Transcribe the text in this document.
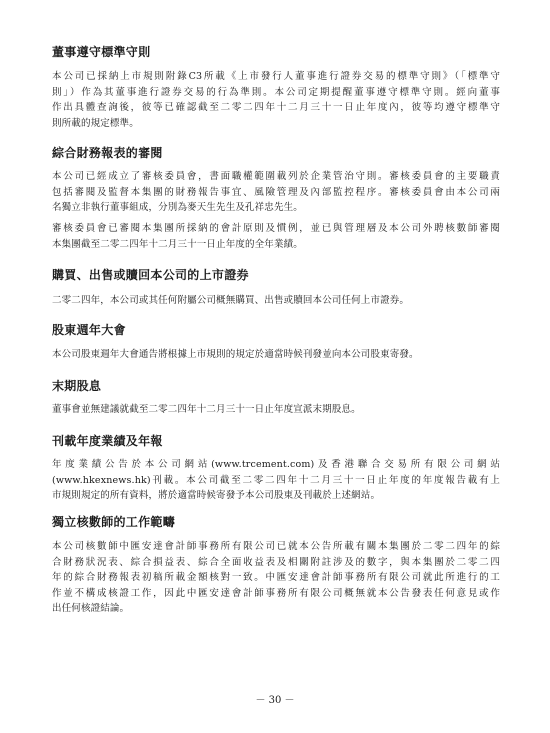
董事遵守標準守則
本公司已採納上市規則附錄C3所載《上市發行人董事進行證券交易的標準守則》（「標準守
則」）作為其董事進行證券交易的行為準則。本公司定期提醒董事遵守標準守則。經向董事
作出具體查詢後，彼等已確認截至二零二四年十二月三十一日止年度內，彼等均遵守標準守
則所載的規定標準。
綜合財務報表的審閱
本公司已經成立了審核委員會，書面職權範圍載列於企業管治守則。審核委員會的主要職責
包括審閱及監督本集團的財務報告事宜、風險管理及內部監控程序。審核委員會由本公司兩
名獨立非執行董事組成，分別為麥天生先生及孔祥忠先生。
審核委員會已審閱本集團所採納的會計原則及慣例，並已與管理層及本公司外聘核數師審閱
本集團截至二零二四年十二月三十一日止年度的全年業績。
購買、出售或贖回本公司的上市證券
二零二四年，本公司或其任何附屬公司概無購買、出售或贖回本公司任何上市證券。
股東週年大會
本公司股東週年大會通告將根據上市規則的規定於適當時候刊發並向本公司股東寄發。
末期股息
董事會並無建議就截至二零二四年十二月三十一日止年度宣派末期股息。
刊載年度業績及年報
年度業績公告於本公司網站(www.trcement.com)及香港聯合交易所有限公司網站
(www.hkexnews.hk)刊載。本公司截至二零二四年十二月三十一日止年度的年度報告載有上
市規則規定的所有資料，將於適當時候寄發予本公司股東及刊載於上述網站。
獨立核數師的工作範疇
本公司核數師中匯安達會計師事務所有限公司已就本公告所載有關本集團於二零二四年的綜
合財務狀況表、綜合損益表、綜合全面收益表及相關附註涉及的數字，與本集團於二零二四
年的綜合財務報表初稿所載金額核對一致。中匯安達會計師事務所有限公司就此所進行的工
作並不構成核證工作，因此中匯安達會計師事務所有限公司概無就本公告發表任何意見或作
出任何核證結論。
－ 30 －
